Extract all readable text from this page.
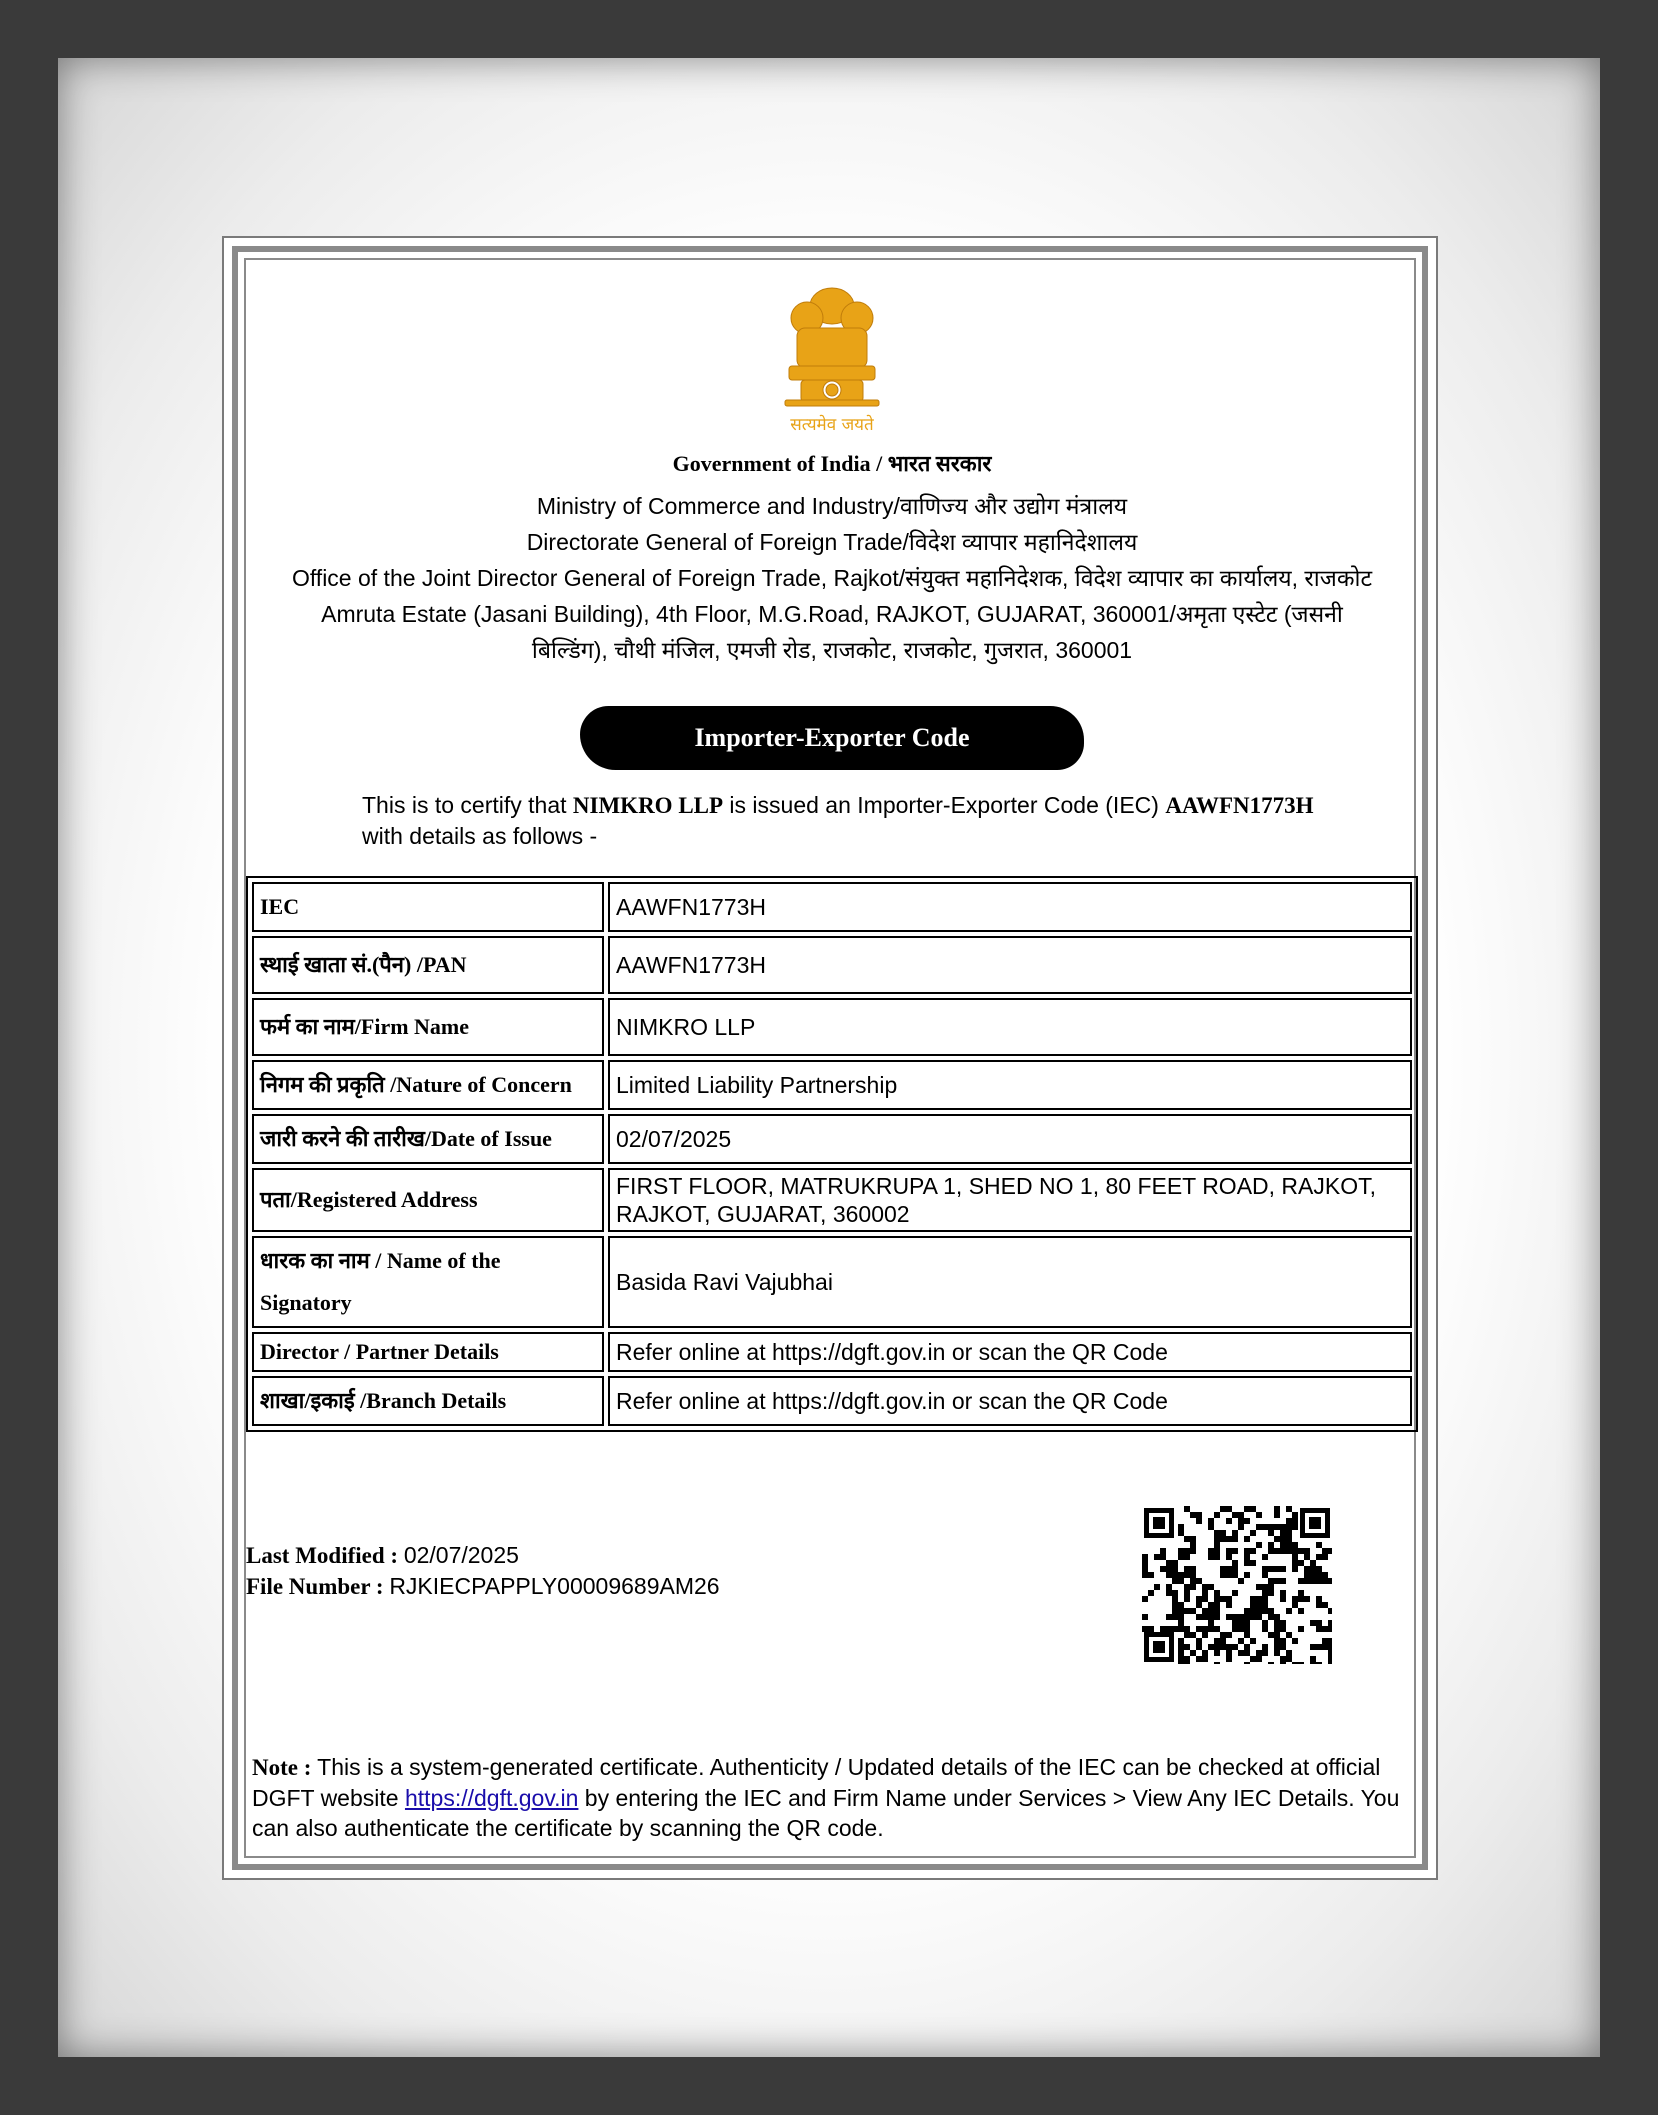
सत्यमेव जयते
Government of India / भारत सरकार
Ministry of Commerce and Industry/वाणिज्य और उद्योग मंत्रालय
Directorate General of Foreign Trade/विदेश व्यापार महानिदेशालय
Office of the Joint Director General of Foreign Trade, Rajkot/संयुक्त महानिदेशक, विदेश व्यापार का कार्यालय, राजकोट
Amruta Estate (Jasani Building), 4th Floor, M.G.Road, RAJKOT, GUJARAT, 360001/अमृता एस्टेट (जसनी
बिल्डिंग), चौथी मंजिल, एमजी रोड, राजकोट, राजकोट, गुजरात, 360001
Importer-Exporter Code
This is to certify that NIMKRO LLP is issued an Importer-Exporter Code (IEC) AAWFN1773H with details as follows -
IEC	AAWFN1773H
स्थाई खाता सं.(पैन) /PAN	AAWFN1773H
फर्म का नाम/Firm Name	NIMKRO LLP
निगम की प्रकृति /Nature of Concern	Limited Liability Partnership
जारी करने की तारीख/Date of Issue	02/07/2025
पता/Registered Address	FIRST FLOOR, MATRUKRUPA 1, SHED NO 1, 80 FEET ROAD, RAJKOT, RAJKOT, GUJARAT, 360002
धारक का नाम / Name of the Signatory	Basida Ravi Vajubhai
Director / Partner Details	Refer online at https://dgft.gov.in or scan the QR Code
शाखा/इकाई /Branch Details	Refer online at https://dgft.gov.in or scan the QR Code
Last Modified : 02/07/2025
File Number : RJKIECPAPPLY00009689AM26
Note : This is a system-generated certificate. Authenticity / Updated details of the IEC can be checked at official DGFT website https://dgft.gov.in by entering the IEC and Firm Name under Services > View Any IEC Details. You can also authenticate the certificate by scanning the QR code.
